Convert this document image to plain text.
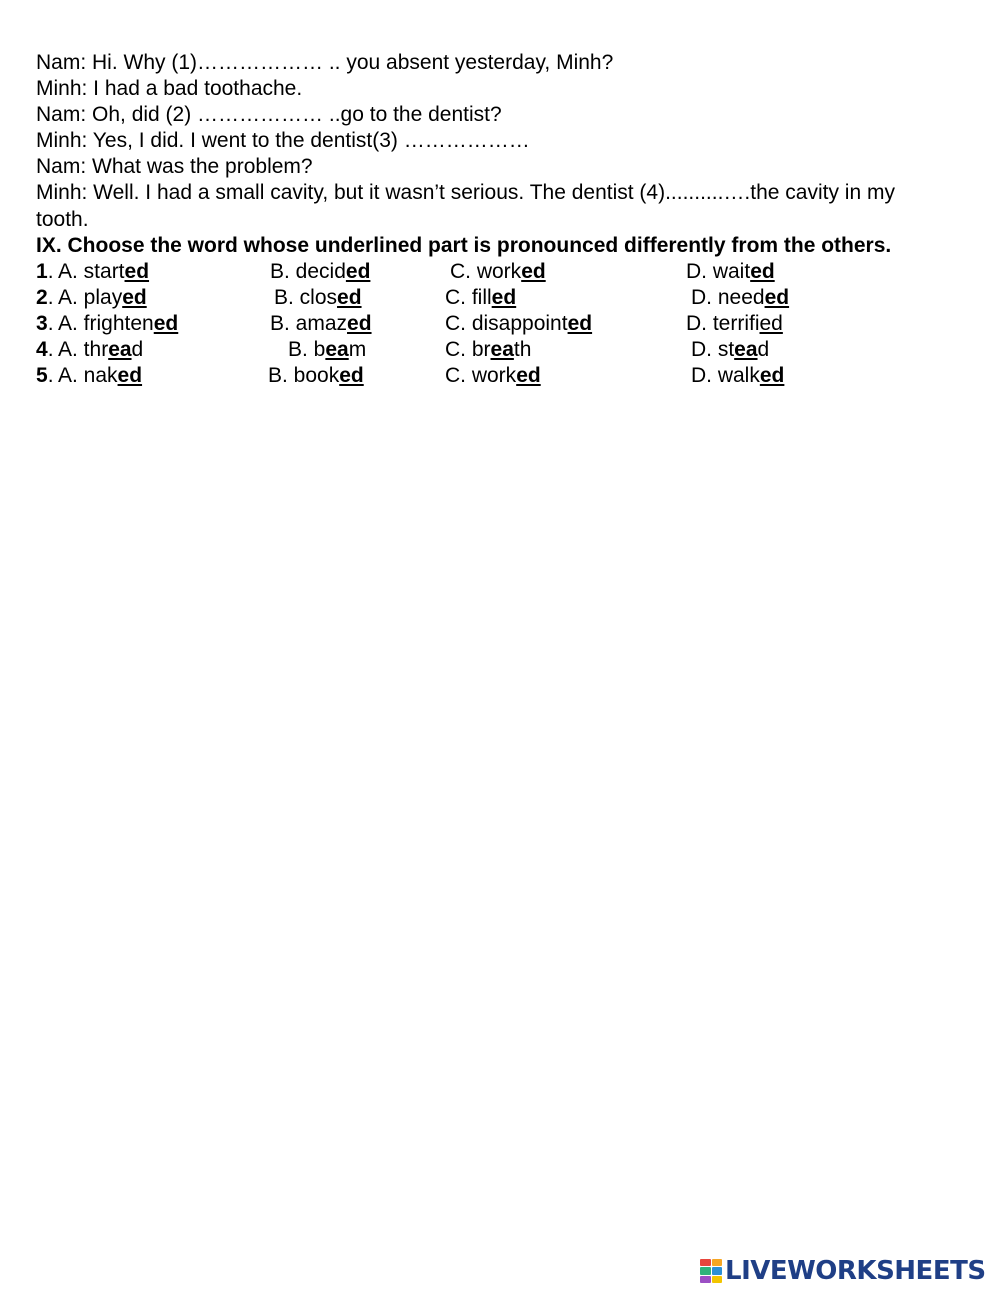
Nam: Hi. Why (1)……………… .. you absent yesterday, Minh?
Minh: I had a bad toothache.
Nam: Oh, did (2) ……………… ..go to the dentist?
Minh: Yes, I did. I went to the dentist(3) ………………
Nam: What was the problem?
Minh: Well. I had a small cavity, but it wasn’t serious. The dentist (4)..........….the cavity in my tooth.
IX. Choose the word whose underlined part is pronounced differently from the others.
1. A. started	B. decided	C. worked	D. waited
2. A. played	B. closed	C. filled	D. needed
3. A. frightened	B. amazed	C. disappointed	D. terrified
4. A. thread	B. beam	C. breath	D. stead
5. A. naked	B. booked	C. worked	D. walked
LIVEWORKSHEETS
